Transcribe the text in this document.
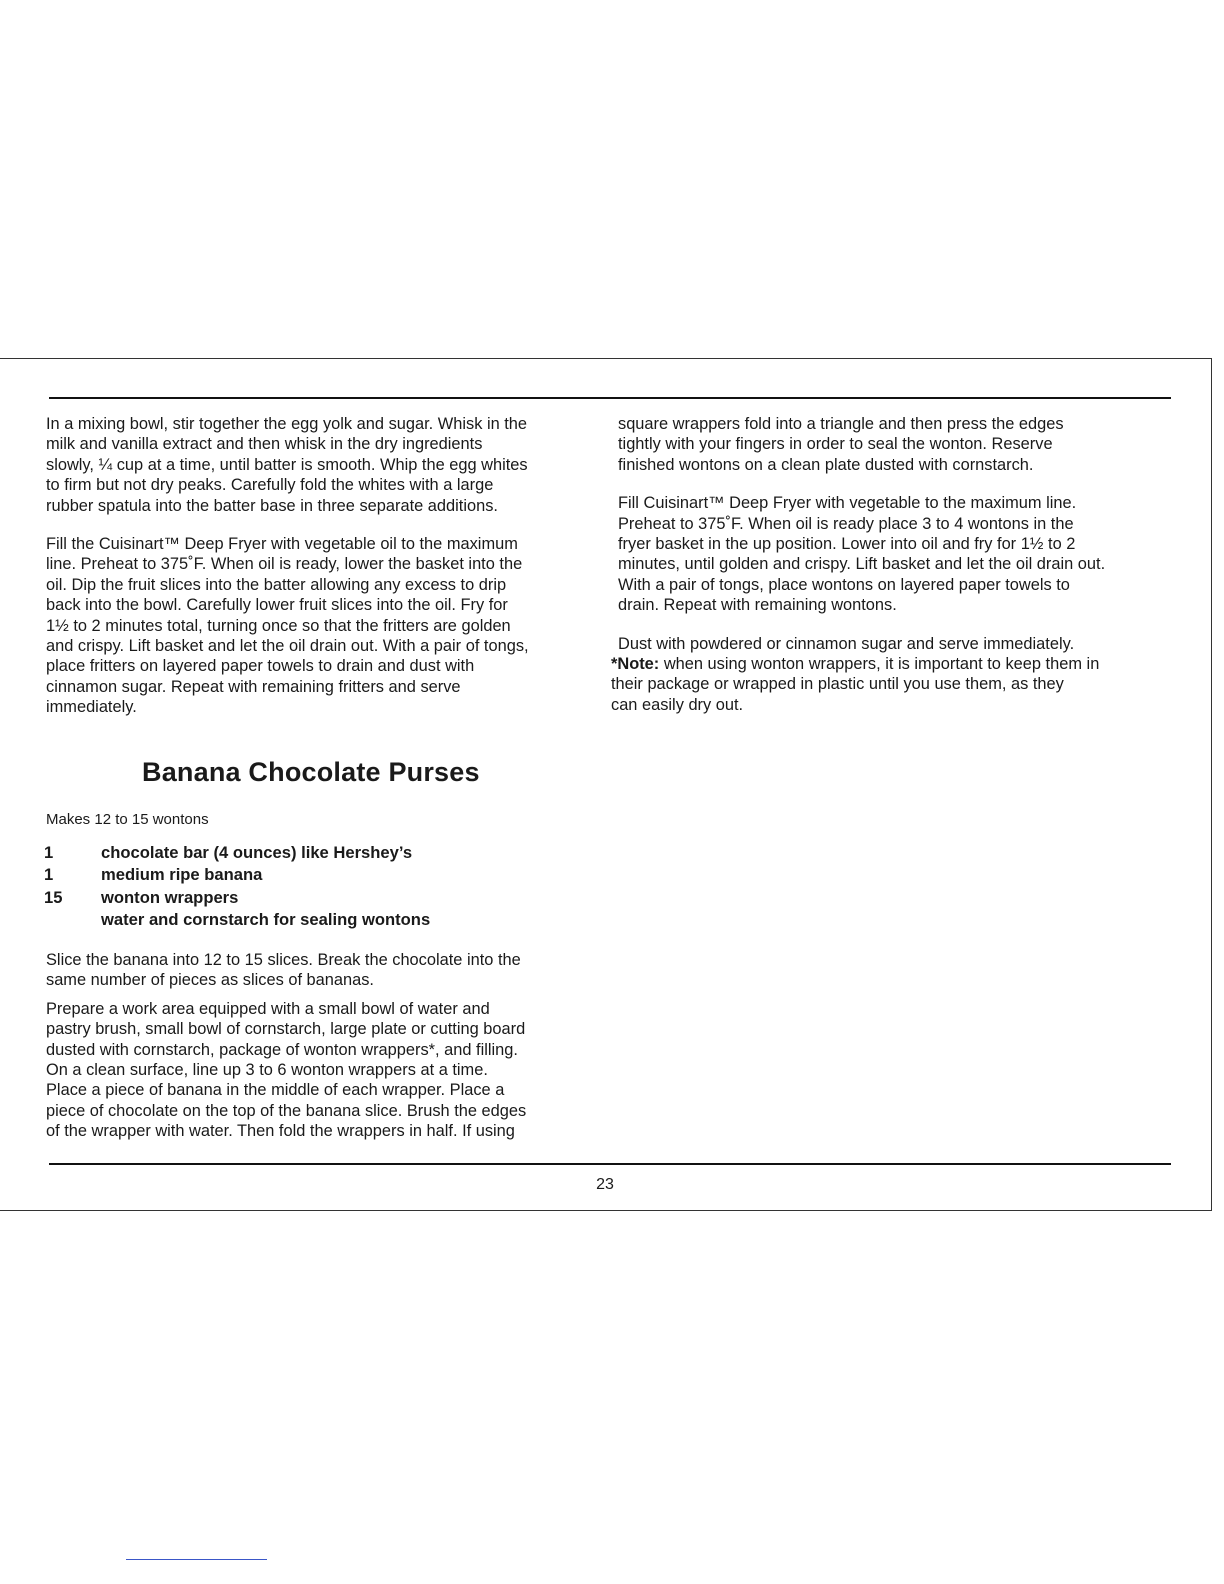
In a mixing bowl, stir together the egg yolk and sugar. Whisk in the
milk and vanilla extract and then whisk in the dry ingredients
slowly, ¼ cup at a time, until batter is smooth. Whip the egg whites
to firm but not dry peaks. Carefully fold the whites with a large
rubber spatula into the batter base in three separate additions.

Fill the Cuisinart™ Deep Fryer with vegetable oil to the maximum
line. Preheat to 375˚F. When oil is ready, lower the basket into the
oil. Dip the fruit slices into the batter allowing any excess to drip
back into the bowl. Carefully lower fruit slices into the oil. Fry for
1½ to 2 minutes total, turning once so that the fritters are golden
and crispy. Lift basket and let the oil drain out. With a pair of tongs,
place fritters on layered paper towels to drain and dust with
cinnamon sugar. Repeat with remaining fritters and serve
immediately.

Banana Chocolate Purses

Makes 12 to 15 wontons

1	chocolate bar (4 ounces) like Hershey’s
1	medium ripe banana
15	wonton wrappers
water and cornstarch for sealing wontons

Slice the banana into 12 to 15 slices. Break the chocolate into the
same number of pieces as slices of bananas.

Prepare a work area equipped with a small bowl of water and
pastry brush, small bowl of cornstarch, large plate or cutting board
dusted with cornstarch, package of wonton wrappers*, and filling.
On a clean surface, line up 3 to 6 wonton wrappers at a time.
Place a piece of banana in the middle of each wrapper. Place a
piece of chocolate on the top of the banana slice. Brush the edges
of the wrapper with water. Then fold the wrappers in half. If using

square wrappers fold into a triangle and then press the edges
tightly with your fingers in order to seal the wonton. Reserve
finished wontons on a clean plate dusted with cornstarch.

Fill Cuisinart™ Deep Fryer with vegetable to the maximum line.
Preheat to 375˚F. When oil is ready place 3 to 4 wontons in the
fryer basket in the up position. Lower into oil and fry for 1½ to 2
minutes, until golden and crispy. Lift basket and let the oil drain out.
With a pair of tongs, place wontons on layered paper towels to
drain. Repeat with remaining wontons.

Dust with powdered or cinnamon sugar and serve immediately.

*Note: when using wonton wrappers, it is important to keep them in
their package or wrapped in plastic until you use them, as they
can easily dry out.

23
